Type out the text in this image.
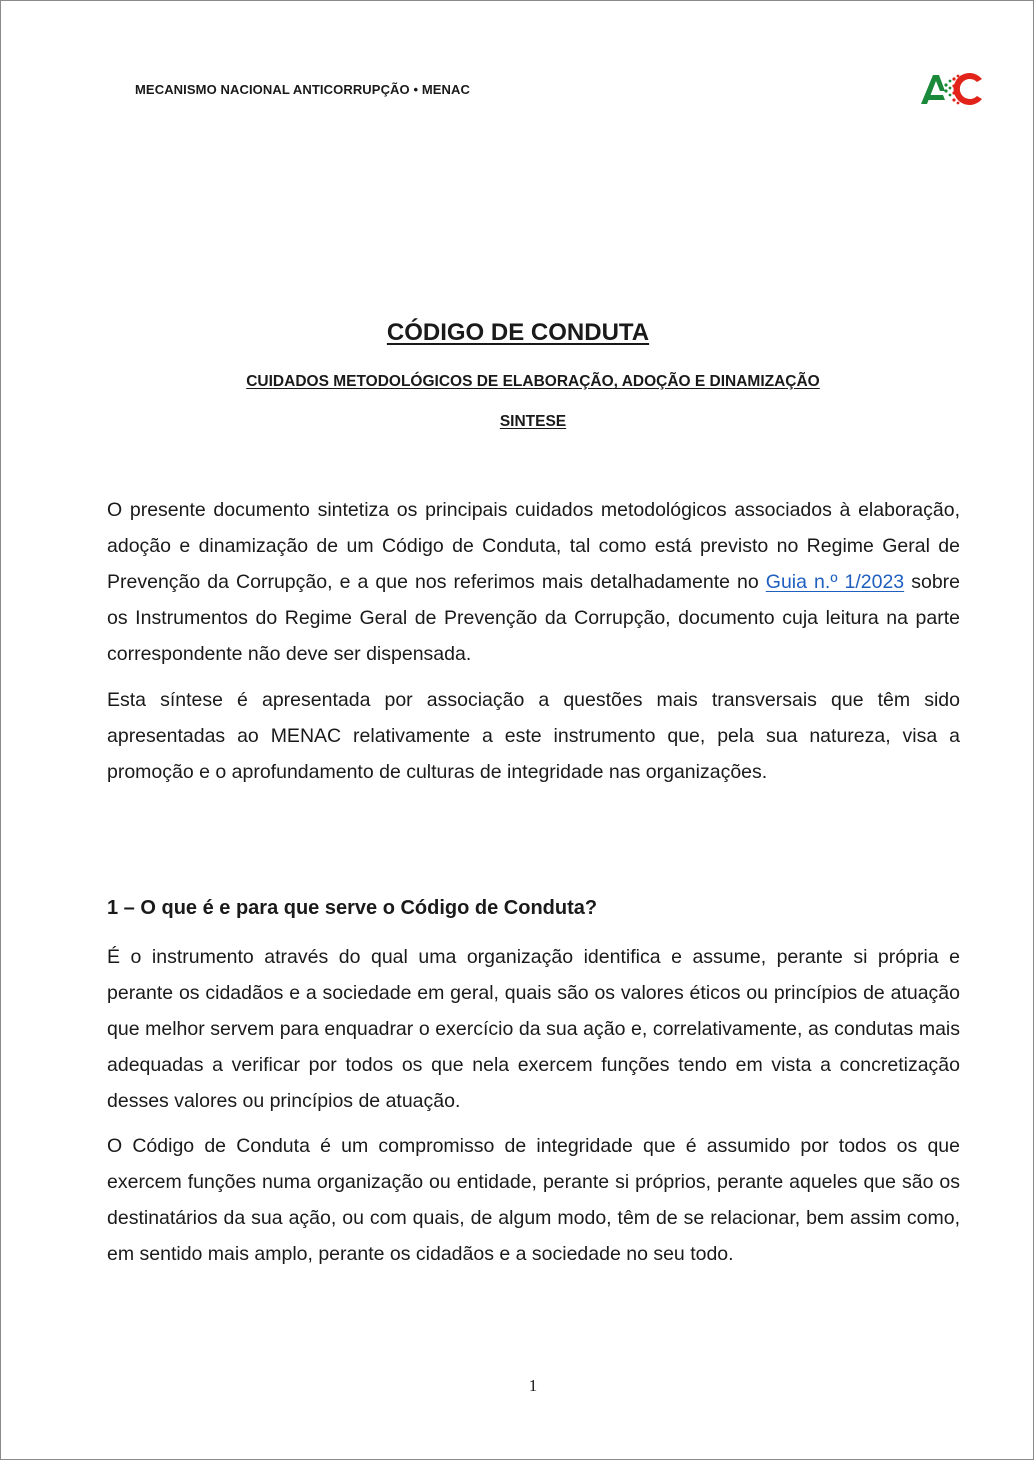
MECANISMO NACIONAL ANTICORRUPÇÃO • MENAC
CÓDIGO DE CONDUTA
CUIDADOS METODOLÓGICOS DE ELABORAÇÃO, ADOÇÃO E DINAMIZAÇÃO
SINTESE

O presente documento sintetiza os principais cuidados metodológicos associados à elaboração, adoção e dinamização de um Código de Conduta, tal como está previsto no Regime Geral de Prevenção da Corrupção, e a que nos referimos mais detalhadamente no Guia n.º 1/2023 sobre os Instrumentos do Regime Geral de Prevenção da Corrupção, documento cuja leitura na parte correspondente não deve ser dispensada.

Esta síntese é apresentada por associação a questões mais transversais que têm sido apresentadas ao MENAC relativamente a este instrumento que, pela sua natureza, visa a promoção e o aprofundamento de culturas de integridade nas organizações.

1 – O que é e para que serve o Código de Conduta?

É o instrumento através do qual uma organização identifica e assume, perante si própria e perante os cidadãos e a sociedade em geral, quais são os valores éticos ou princípios de atuação que melhor servem para enquadrar o exercício da sua ação e, correlativamente, as condutas mais adequadas a verificar por todos os que nela exercem funções tendo em vista a concretização desses valores ou princípios de atuação.

O Código de Conduta é um compromisso de integridade que é assumido por todos os que exercem funções numa organização ou entidade, perante si próprios, perante aqueles que são os destinatários da sua ação, ou com quais, de algum modo, têm de se relacionar, bem assim como, em sentido mais amplo, perante os cidadãos e a sociedade no seu todo.

1
